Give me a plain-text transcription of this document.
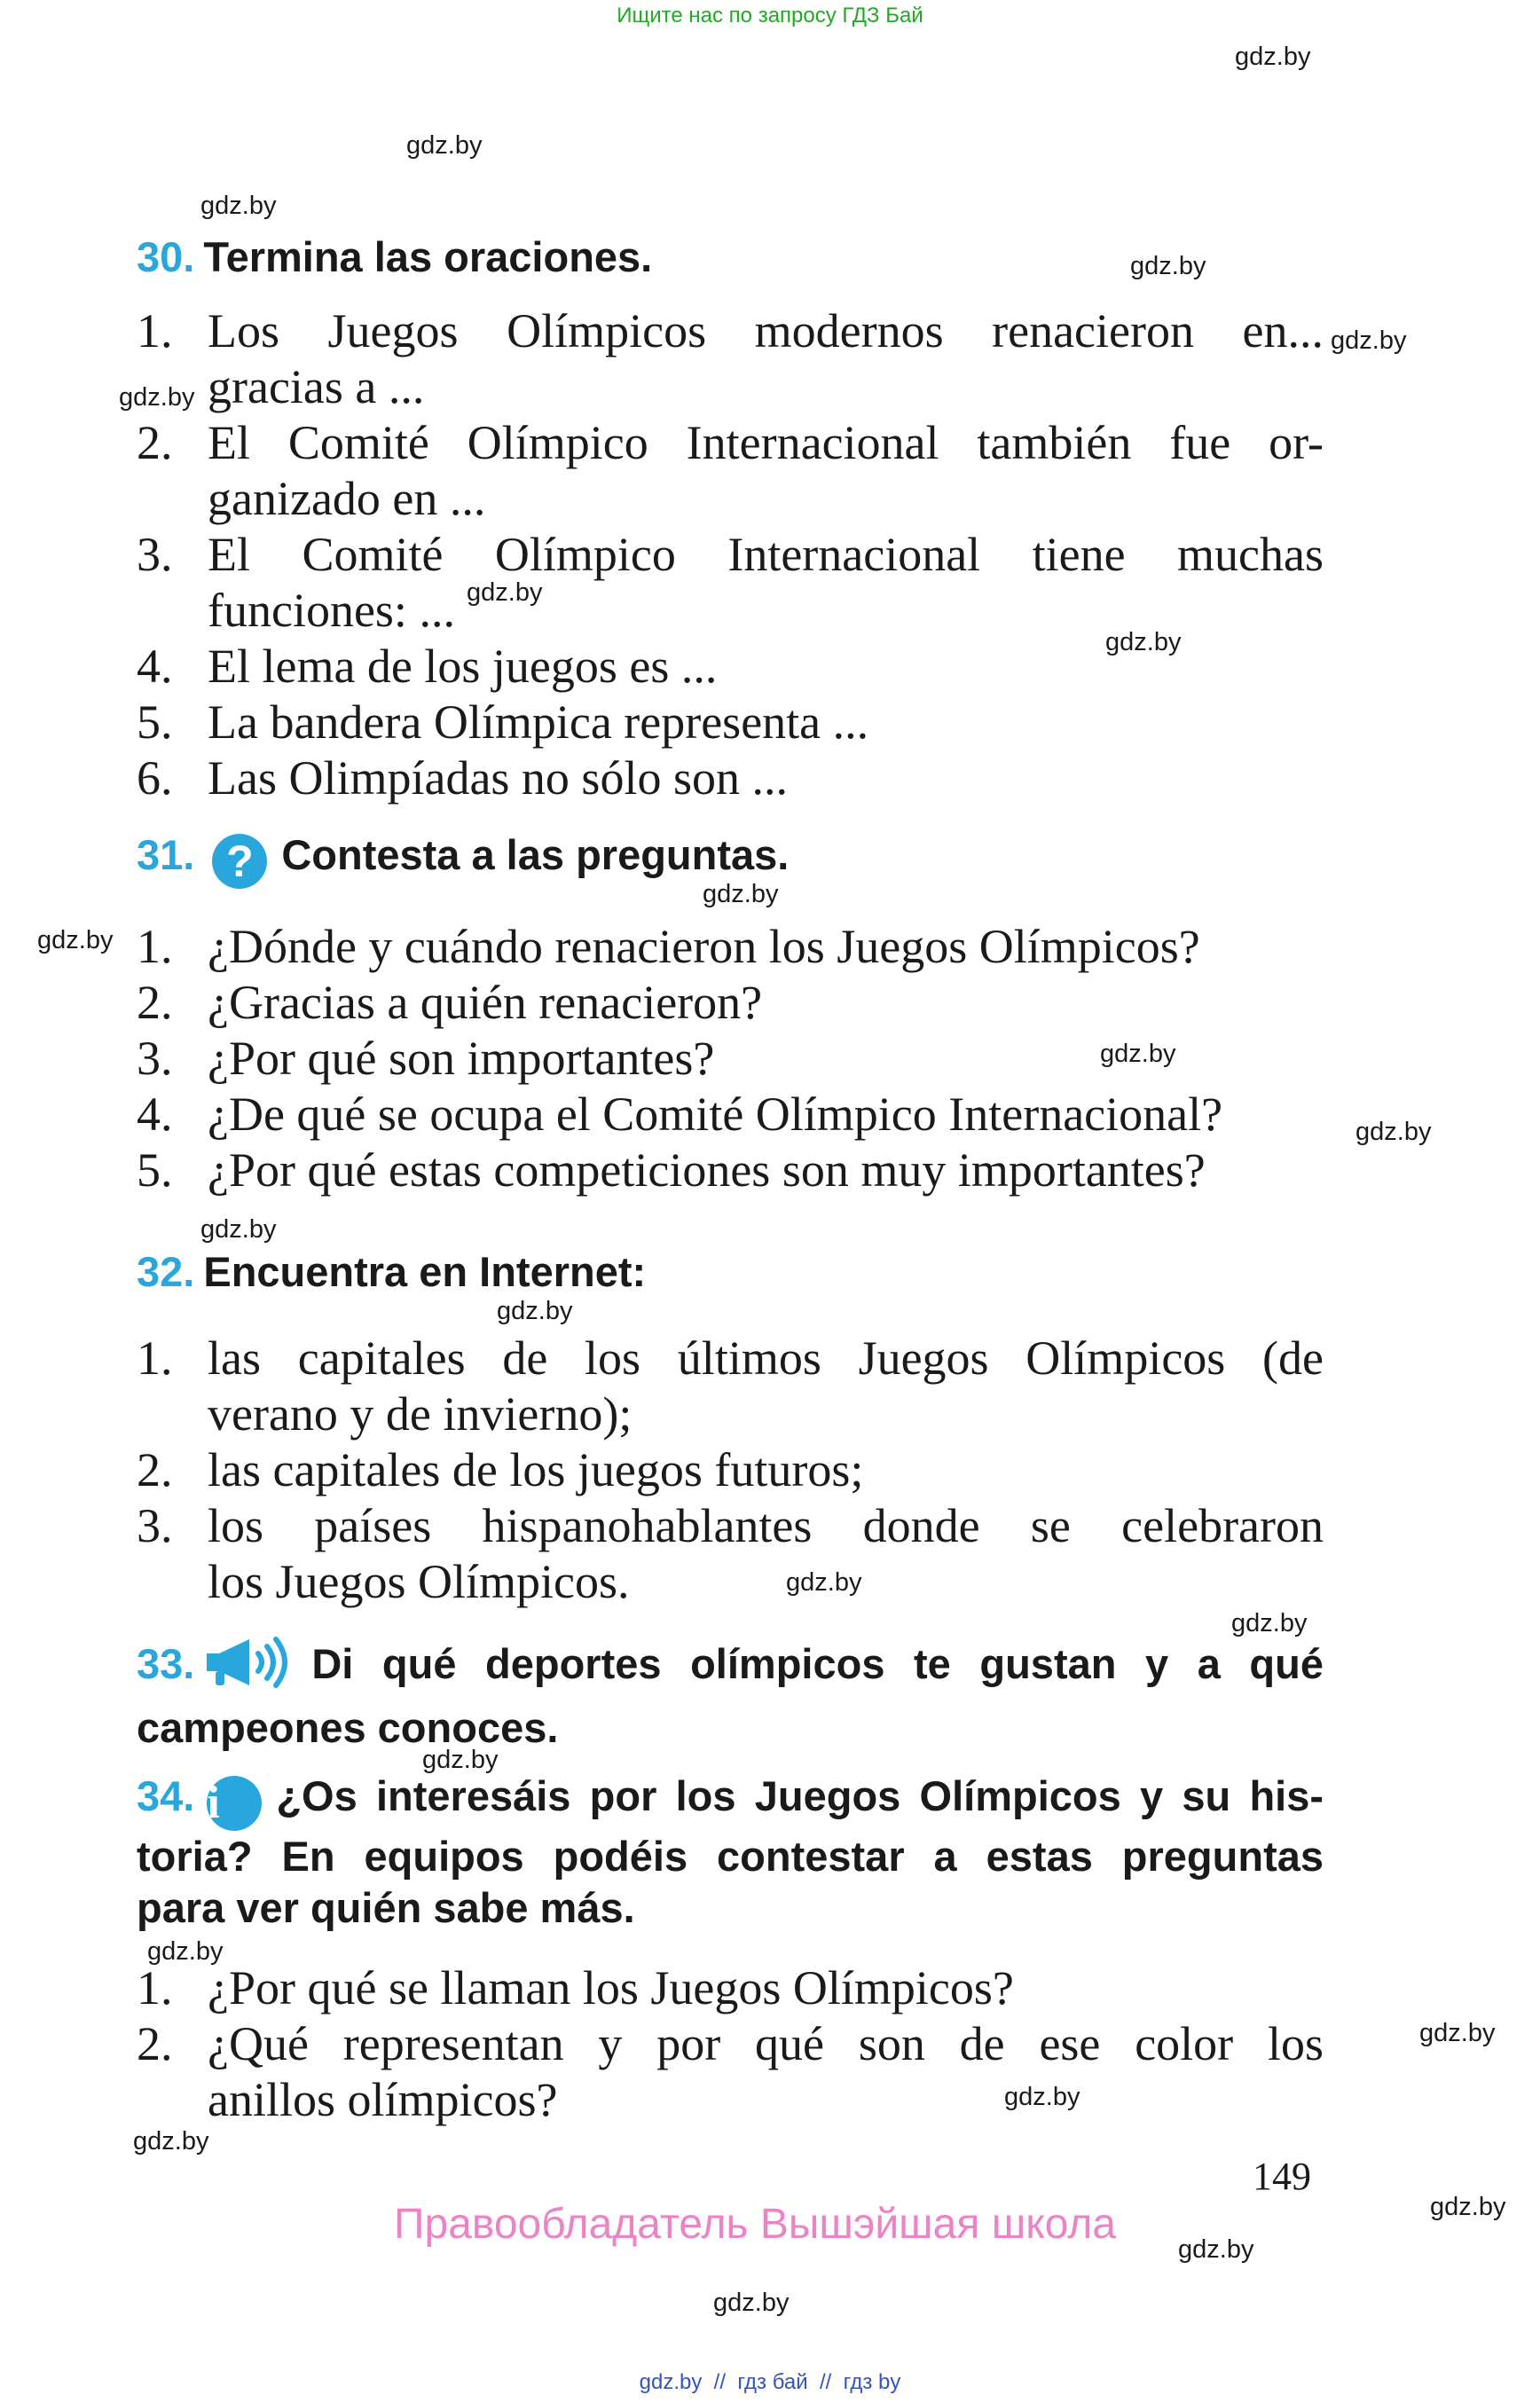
Ищите нас по запросу ГДЗ Бай
gdz.by
gdz.by
gdz.by
gdz.by
gdz.by
gdz.by
gdz.by
gdz.by
gdz.by
gdz.by
gdz.by
gdz.by
gdz.by
gdz.by
gdz.by
gdz.by
gdz.by
gdz.by
gdz.by
gdz.by
gdz.by
gdz.by
gdz.by
gdz.by
30. Termina las oraciones.
1. Los Juegos Olímpicos modernos renacieron en...
gracias a ...
2. El Comité Olímpico Internacional también fue or-
ganizado en ...
3. El Comité Olímpico Internacional tiene muchas
funciones: ...
4. El lema de los juegos es ...
5. La bandera Olímpica representa ...
6. Las Olimpíadas no sólo son ...
31. ? Contesta a las preguntas.
1. ¿Dónde y cuándo renacieron los Juegos Olímpicos?
2. ¿Gracias a quién renacieron?
3. ¿Por qué son importantes?
4. ¿De qué se ocupa el Comité Olímpico Internacional?
5. ¿Por qué estas competiciones son muy importantes?
32. Encuentra en Internet:
1. las capitales de los últimos Juegos Olímpicos (de
verano y de invierno);
2. las capitales de los juegos futuros;
3. los países hispanohablantes donde se celebraron
los Juegos Olímpicos.
33.	Di qué deportes olímpicos te gustan y a qué
campeones conoces.
34. i ¿Os interesáis por los Juegos Olímpicos y su his-
toria? En equipos podéis contestar a estas preguntas
para ver quién sabe más.
1. ¿Por qué se llaman los Juegos Olímpicos?
2. ¿Qué representan y por qué son de ese color los
anillos olímpicos?
149
Правообладатель Вышэйшая школа
gdz.by  //  гдз бай  //  гдз by
